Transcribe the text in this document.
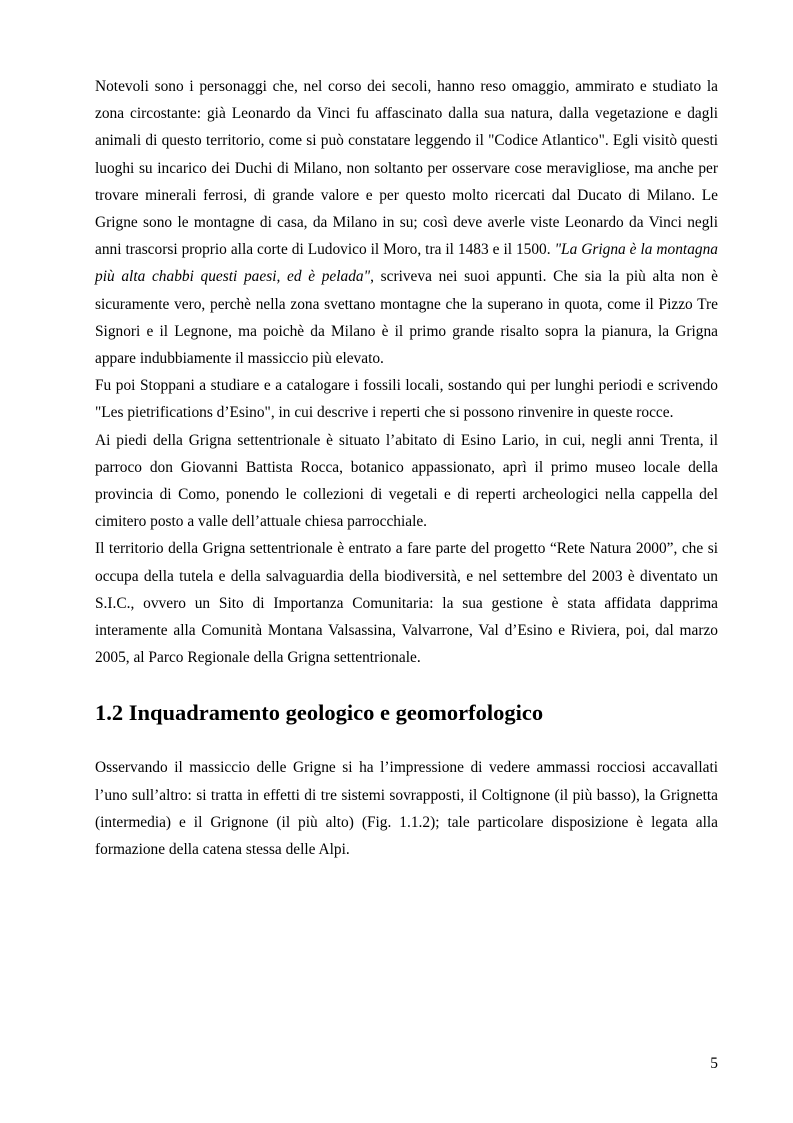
Notevoli sono i personaggi che, nel corso dei secoli, hanno reso omaggio, ammirato e studiato la zona circostante: già Leonardo da Vinci fu affascinato dalla sua natura, dalla vegetazione e dagli animali di questo territorio, come si può constatare leggendo il "Codice Atlantico". Egli visitò questi luoghi su incarico dei Duchi di Milano, non soltanto per osservare cose meravigliose, ma anche per trovare minerali ferrosi, di grande valore e per questo molto ricercati dal Ducato di Milano. Le Grigne sono le montagne di casa, da Milano in su; così deve averle viste Leonardo da Vinci negli anni trascorsi proprio alla corte di Ludovico il Moro, tra il 1483 e il 1500. "La Grigna è la montagna più alta chabbi questi paesi, ed è pelada", scriveva nei suoi appunti. Che sia la più alta non è sicuramente vero, perchè nella zona svettano montagne che la superano in quota, come il Pizzo Tre Signori e il Legnone, ma poichè da Milano è il primo grande risalto sopra la pianura, la Grigna appare indubbiamente il massiccio più elevato.

Fu poi Stoppani a studiare e a catalogare i fossili locali, sostando qui per lunghi periodi e scrivendo "Les pietrifications d’Esino", in cui descrive i reperti che si possono rinvenire in queste rocce.

Ai piedi della Grigna settentrionale è situato l’abitato di Esino Lario, in cui, negli anni Trenta, il parroco don Giovanni Battista Rocca, botanico appassionato, aprì il primo museo locale della provincia di Como, ponendo le collezioni di vegetali e di reperti archeologici nella cappella del cimitero posto a valle dell’attuale chiesa parrocchiale.

Il territorio della Grigna settentrionale è entrato a fare parte del progetto “Rete Natura 2000”, che si occupa della tutela e della salvaguardia della biodiversità, e nel settembre del 2003 è diventato un S.I.C., ovvero un Sito di Importanza Comunitaria: la sua gestione è stata affidata dapprima interamente alla Comunità Montana Valsassina, Valvarrone, Val d’Esino e Riviera, poi, dal marzo 2005, al Parco Regionale della Grigna settentrionale.

1.2 Inquadramento geologico e geomorfologico

Osservando il massiccio delle Grigne si ha l’impressione di vedere ammassi rocciosi accavallati l’uno sull’altro: si tratta in effetti di tre sistemi sovrapposti, il Coltignone (il più basso), la Grignetta (intermedia) e il Grignone (il più alto) (Fig. 1.1.2); tale particolare disposizione è legata alla formazione della catena stessa delle Alpi.

5
